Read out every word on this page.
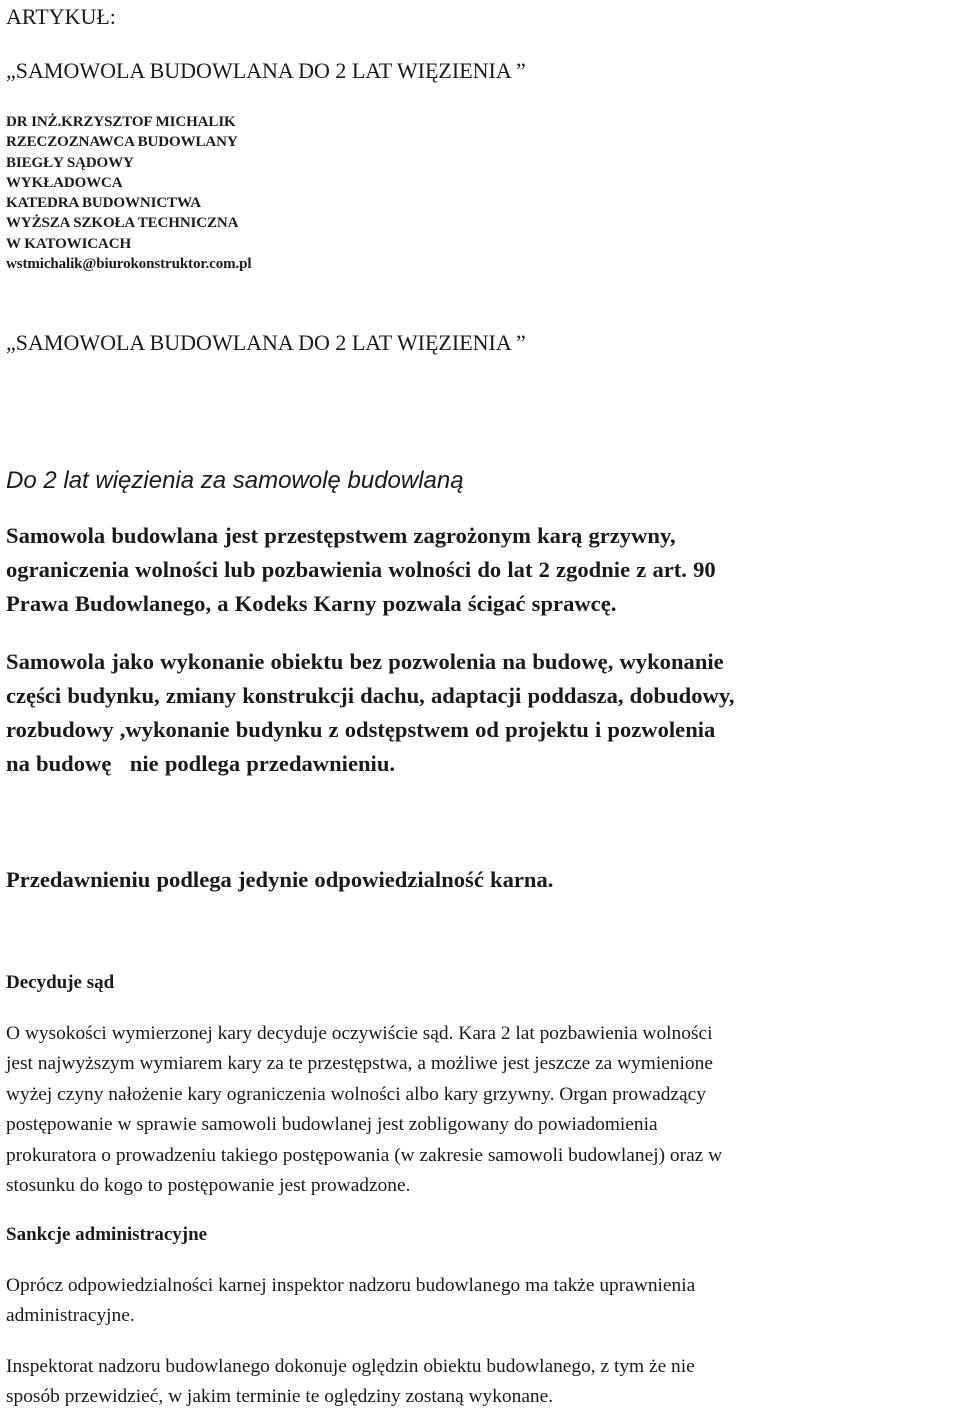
ARTYKUŁ:
„SAMOWOLA BUDOWLANA DO 2 LAT WIĘZIENIA ”
DR INŻ.KRZYSZTOF MICHALIK
RZECZOZNAWCA BUDOWLANY
BIEGŁY SĄDOWY
WYKŁADOWCA
KATEDRA BUDOWNICTWA
WYŻSZA SZKOŁA TECHNICZNA
W KATOWICACH
wstmichalik@biurokonstruktor.com.pl
„SAMOWOLA BUDOWLANA DO 2 LAT WIĘZIENIA ”
Do 2 lat więzienia za samowolę budowlaną
Samowola budowlana jest przestępstwem zagrożonym karą grzywny,
ograniczenia wolności lub pozbawienia wolności do lat 2 zgodnie z art. 90
Prawa Budowlanego, a Kodeks Karny pozwala ścigać sprawcę.
Samowola jako wykonanie obiektu bez pozwolenia na budowę, wykonanie
części budynku, zmiany konstrukcji dachu, adaptacji poddasza, dobudowy,
rozbudowy ,wykonanie budynku z odstępstwem od projektu i pozwolenia
na budowę   nie podlega przedawnieniu.
Przedawnieniu podlega jedynie odpowiedzialność karna.
Decyduje sąd
O wysokości wymierzonej kary decyduje oczywiście sąd. Kara 2 lat pozbawienia wolności
jest najwyższym wymiarem kary za te przestępstwa, a możliwe jest jeszcze za wymienione
wyżej czyny nałożenie kary ograniczenia wolności albo kary grzywny. Organ prowadzący
postępowanie w sprawie samowoli budowlanej jest zobligowany do powiadomienia
prokuratora o prowadzeniu takiego postępowania (w zakresie samowoli budowlanej) oraz w
stosunku do kogo to postępowanie jest prowadzone.
Sankcje administracyjne
Oprócz odpowiedzialności karnej inspektor nadzoru budowlanego ma także uprawnienia
administracyjne.
Inspektorat nadzoru budowlanego dokonuje oględzin obiektu budowlanego, z tym że nie
sposób przewidzieć, w jakim terminie te oględziny zostaną wykonane.
